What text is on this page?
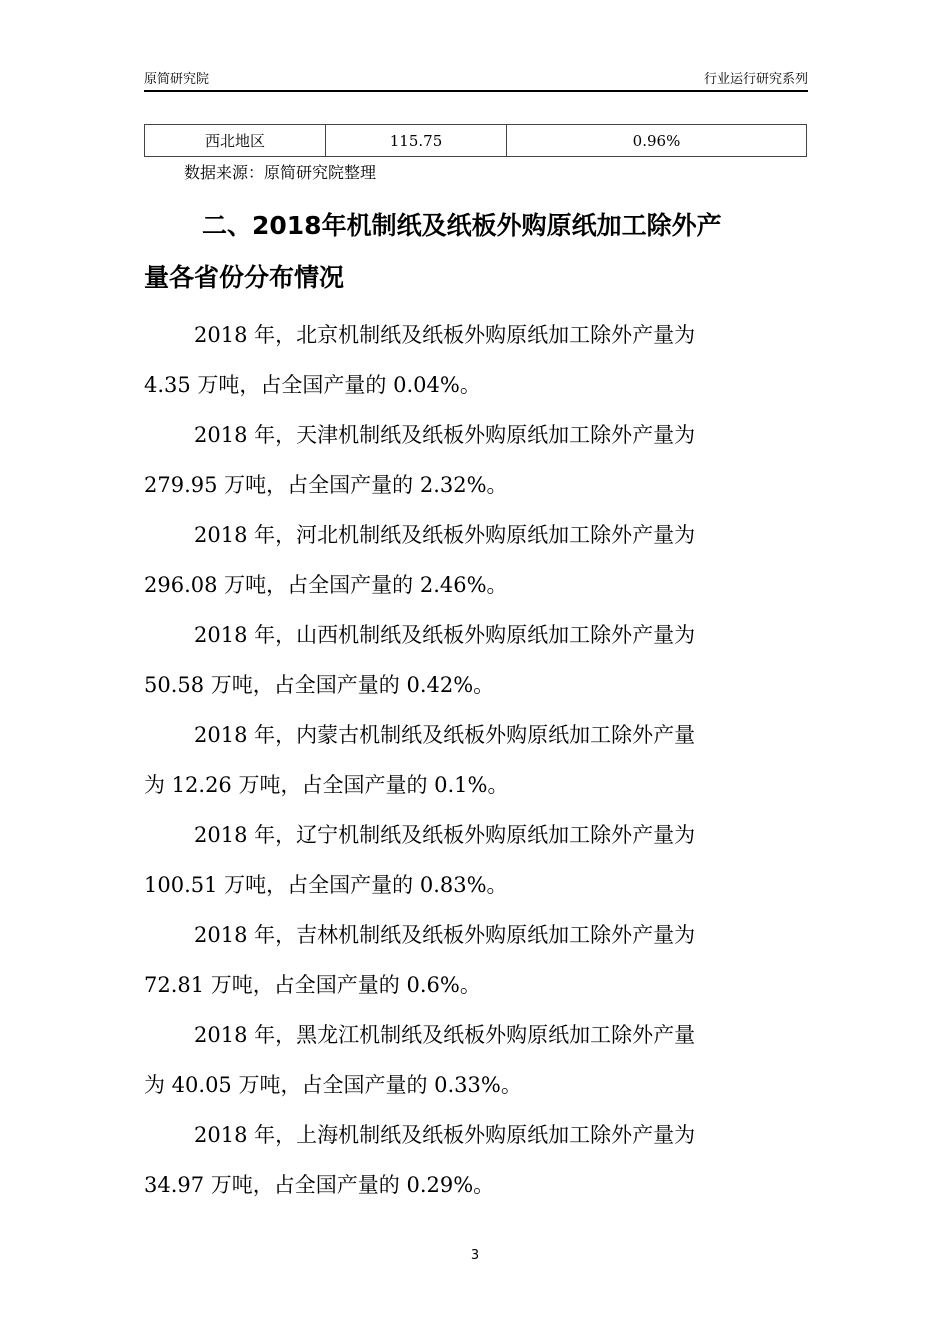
原简研究院	行业运行研究系列
西北地区	115.75	0.96%
数据来源：原简研究院整理
二、2018年机制纸及纸板外购原纸加工除外产
量各省份分布情况

2018 年，北京机制纸及纸板外购原纸加工除外产量为
4.35 万吨，占全国产量的 0.04%。

2018 年，天津机制纸及纸板外购原纸加工除外产量为
279.95 万吨，占全国产量的 2.32%。

2018 年，河北机制纸及纸板外购原纸加工除外产量为
296.08 万吨，占全国产量的 2.46%。

2018 年，山西机制纸及纸板外购原纸加工除外产量为
50.58 万吨，占全国产量的 0.42%。

2018 年，内蒙古机制纸及纸板外购原纸加工除外产量
为 12.26 万吨，占全国产量的 0.1%。

2018 年，辽宁机制纸及纸板外购原纸加工除外产量为
100.51 万吨，占全国产量的 0.83%。

2018 年，吉林机制纸及纸板外购原纸加工除外产量为
72.81 万吨，占全国产量的 0.6%。

2018 年，黑龙江机制纸及纸板外购原纸加工除外产量
为 40.05 万吨，占全国产量的 0.33%。

2018 年，上海机制纸及纸板外购原纸加工除外产量为
34.97 万吨，占全国产量的 0.29%。

3
